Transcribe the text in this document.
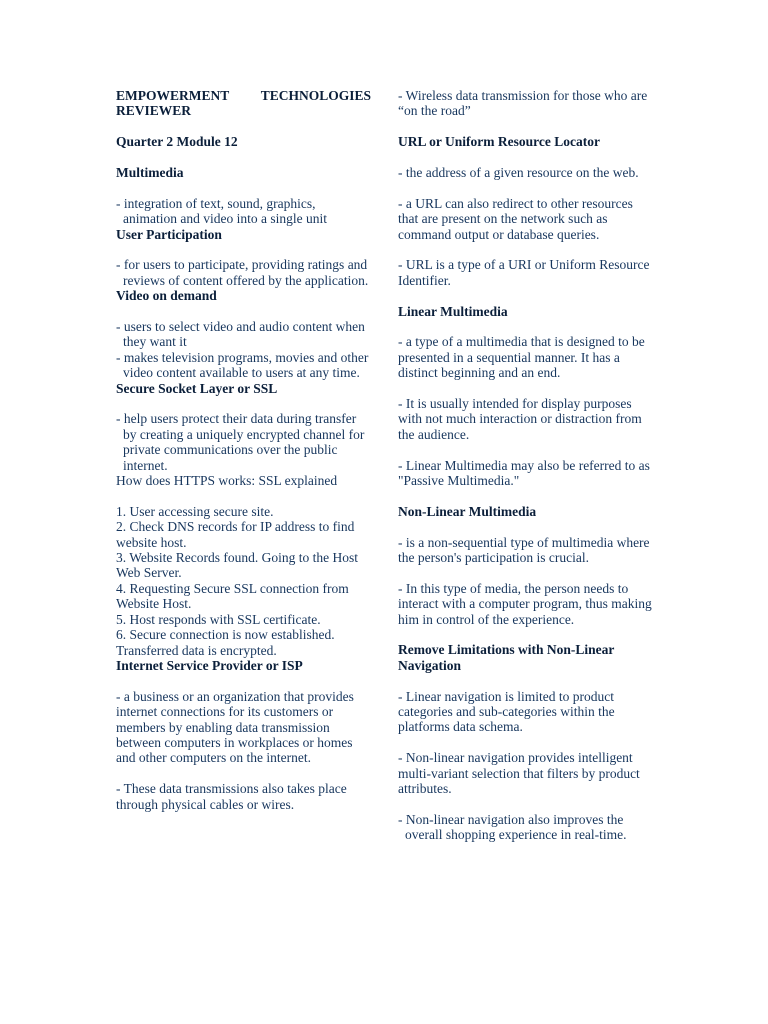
EMPOWERMENT TECHNOLOGIES
REVIEWER
Quarter 2 Module 12
Multimedia
- integration of text, sound, graphics, animation and video into a single unit
User Participation
- for users to participate, providing ratings and reviews of content offered by the application.
Video on demand
- users to select video and audio content when they want it
- makes television programs, movies and other video content available to users at any time.
Secure Socket Layer or SSL
- help users protect their data during transfer by creating a uniquely encrypted channel for private communications over the public internet.
How does HTTPS works: SSL explained
1. User accessing secure site.
2. Check DNS records for IP address to find website host.
3. Website Records found. Going to the Host Web Server.
4. Requesting Secure SSL connection from Website Host.
5. Host responds with SSL certificate.
6. Secure connection is now established.
Transferred data is encrypted.
Internet Service Provider or ISP
- a business or an organization that provides internet connections for its customers or members by enabling data transmission between computers in workplaces or homes and other computers on the internet.
- These data transmissions also takes place through physical cables or wires.
- Wireless data transmission for those who are “on the road”
URL or Uniform Resource Locator
- the address of a given resource on the web.
- a URL can also redirect to other resources that are present on the network such as command output or database queries.
- URL is a type of a URI or Uniform Resource Identifier.
Linear Multimedia
- a type of a multimedia that is designed to be presented in a sequential manner. It has a distinct beginning and an end.
- It is usually intended for display purposes with not much interaction or distraction from the audience.
- Linear Multimedia may also be referred to as "Passive Multimedia."
Non-Linear Multimedia
- is a non-sequential type of multimedia where the person's participation is crucial.
- In this type of media, the person needs to interact with a computer program, thus making him in control of the experience.
Remove Limitations with Non-Linear Navigation
- Linear navigation is limited to product categories and sub-categories within the platforms data schema.
- Non-linear navigation provides intelligent multi-variant selection that filters by product attributes.
- Non-linear navigation also improves the overall shopping experience in real-time.
